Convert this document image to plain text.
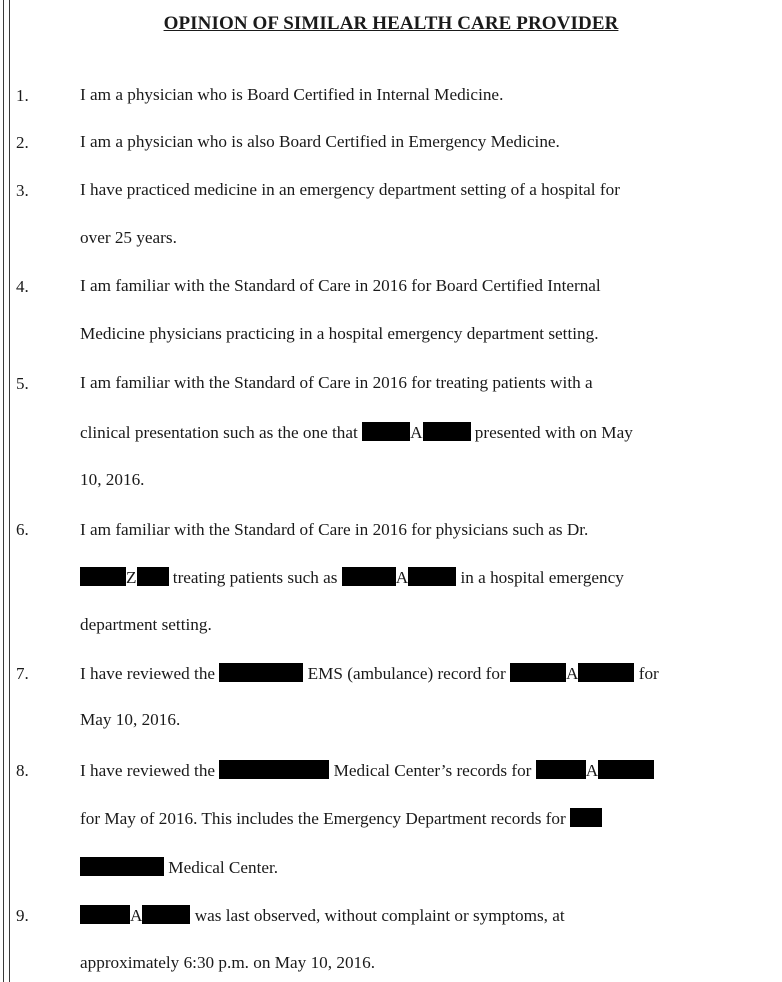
OPINION OF SIMILAR HEALTH CARE PROVIDER
1.	I am a physician who is Board Certified in Internal Medicine.
2.	I am a physician who is also Board Certified in Emergency Medicine.
3.	I have practiced medicine in an emergency department setting of a hospital for
over 25 years.
4.	I am familiar with the Standard of Care in 2016 for Board Certified Internal
Medicine physicians practicing in a hospital emergency department setting.
5.	I am familiar with the Standard of Care in 2016 for treating patients with a
clinical presentation such as the one that	A	presented with on May
10, 2016.
6.	I am familiar with the Standard of Care in 2016 for physicians such as Dr.
Z treating patients such as	A	in a hospital emergency
department setting.
7.	I have reviewed the	EMS (ambulance) record for	A	for
May 10, 2016.
8.	I have reviewed the	Medical Center’s records for	A
for May of 2016. This includes the Emergency Department records for
Medical Center.
9.	A	was last observed, without complaint or symptoms, at
approximately 6:30 p.m. on May 10, 2016.
